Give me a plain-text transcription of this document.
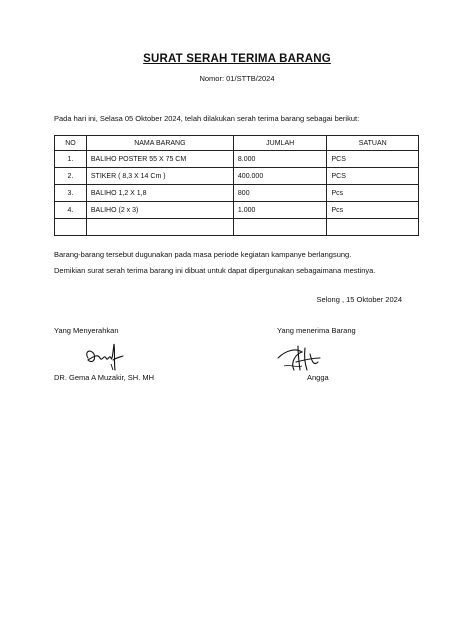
SURAT SERAH TERIMA BARANG
Nomor: 01/STTB/2024
Pada hari ini, Selasa 05 Oktober 2024, telah dilakukan serah terima barang sebagai berikut:
NO	NAMA BARANG	JUMLAH	SATUAN
1.	BALIHO POSTER 55 X 75 CM	8.000	PCS
2.	STIKER ( 8,3 X 14 Cm )	400.000	PCS
3.	BALIHO 1,2 X 1,8	800	Pcs
4.	BALIHO (2 x 3)	1.000	Pcs

Barang-barang tersebut dugunakan pada masa periode kegiatan kampanye berlangsung.
Demikian surat serah terima barang ini dibuat untuk dapat dipergunakan sebagaimana mestinya.
Selong , 15 Oktober 2024
Yang Menyerahkan	Yang menerima Barang
DR. Gema A Muzakir, SH. MH	Angga
